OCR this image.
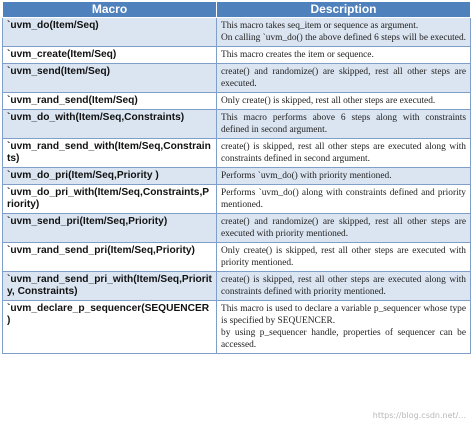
Macro	Description
`uvm_do(Item/Seq)	This macro takes seq_item or sequence as argument.

On calling `uvm_do() the above defined 6 steps will be executed.

`uvm_create(Item/Seq)	This macro creates the item or sequence.

`uvm_send(Item/Seq)	create() and randomize() are skipped, rest all other steps are executed.

`uvm_rand_send(Item/Seq)	Only create() is skipped, rest all other steps are executed.

`uvm_do_with(Item/Seq,Constraints)	This macro performs above 6 steps along with constraints defined in second argument.

`uvm_rand_send_with(Item/Seq,Constraints)	create() is skipped, rest all other steps are executed along with constraints defined in second argument.

`uvm_do_pri(Item/Seq,Priority )	Performs `uvm_do() with priority mentioned.

`uvm_do_pri_with(Item/Seq,Constraints,Priority)	Performs `uvm_do() along with constraints defined and priority mentioned.

`uvm_send_pri(Item/Seq,Priority)	create() and randomize() are skipped, rest all other steps are executed with priority mentioned.

`uvm_rand_send_pri(Item/Seq,Priority)	Only create() is skipped, rest all other steps are executed with priority mentioned.

`uvm_rand_send_pri_with(Item/Seq,Priority, Constraints)	create() is skipped, rest all other steps are executed along with constraints defined with priority mentioned.

`uvm_declare_p_sequencer(SEQUENCER)	This macro is used to declare a variable p_sequencer whose type is specified by SEQUENCER.

by using p_sequencer handle, properties of sequencer can be accessed.

https://blog.csdn.net/...
